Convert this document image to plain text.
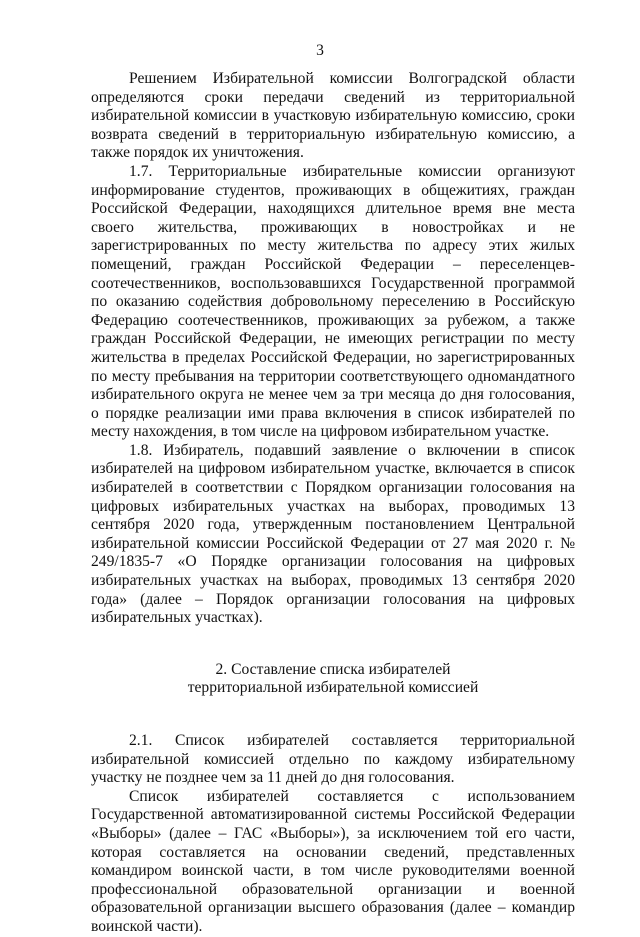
3

Решением Избирательной комиссии Волгоградской области определяются сроки передачи сведений из территориальной избирательной комиссии в участковую избирательную комиссию, сроки возврата сведений в территориальную избирательную комиссию, а также порядок их уничтожения.

1.7. Территориальные избирательные комиссии организуют информирование студентов, проживающих в общежитиях, граждан Российской Федерации, находящихся длительное время вне места своего жительства, проживающих в новостройках и не зарегистрированных по месту жительства по адресу этих жилых помещений, граждан Российской Федерации – переселенцев-соотечественников, воспользовавшихся Государственной программой по оказанию содействия добровольному переселению в Российскую Федерацию соотечественников, проживающих за рубежом, а также граждан Российской Федерации, не имеющих регистрации по месту жительства в пределах Российской Федерации, но зарегистрированных по месту пребывания на территории соответствующего одномандатного избирательного округа не менее чем за три месяца до дня голосования, о порядке реализации ими права включения в список избирателей по месту нахождения, в том числе на цифровом избирательном участке.

1.8. Избиратель, подавший заявление о включении в список избирателей на цифровом избирательном участке, включается в список избирателей в соответствии с Порядком организации голосования на цифровых избирательных участках на выборах, проводимых 13 сентября 2020 года, утвержденным постановлением Центральной избирательной комиссии Российской Федерации от 27 мая 2020 г. № 249/1835-7 «О Порядке организации голосования на цифровых избирательных участках на выборах, проводимых 13 сентября 2020 года» (далее – Порядок организации голосования на цифровых избирательных участках).

2. Составление списка избирателей
территориальной избирательной комиссией

2.1. Список избирателей составляется территориальной избирательной комиссией отдельно по каждому избирательному участку не позднее чем за 11 дней до дня голосования.

Список избирателей составляется с использованием Государственной автоматизированной системы Российской Федерации «Выборы» (далее – ГАС «Выборы»), за исключением той его части, которая составляется на основании сведений, представленных командиром воинской части, в том числе руководителями военной профессиональной образовательной организации и военной образовательной организации высшего образования (далее – командир воинской части).
